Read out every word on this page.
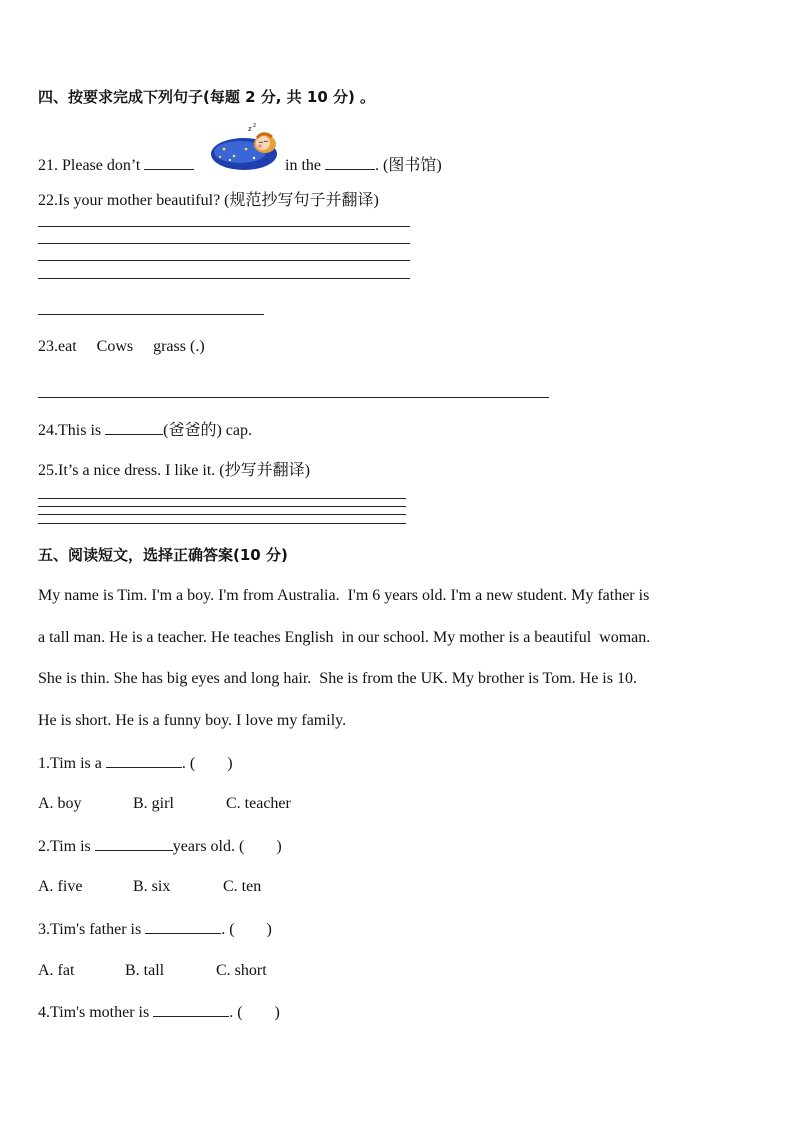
四、按要求完成下列句子(每题 2 分, 共 10 分) 。
21. Please don’t
z z
in the	. (图书馆)
22.Is your mother beautiful? (规范抄写句子并翻译)
23.eat     Cows     grass (.)
24.This is	(爸爸的) cap.
25.It’s a nice dress. I like it. (抄写并翻译)
五、阅读短文，选择正确答案(10 分)
My name is Tim. I'm a boy. I'm from Australia.  I'm 6 years old. I'm a new student. My father is
a tall man. He is a teacher. He teaches English  in our school. My mother is a beautiful  woman.
She is thin. She has big eyes and long hair.  She is from the UK. My brother is Tom. He is 10.
He is short. He is a funny boy. I love my family.
1.Tim is a	. (        )
A. boy	B. girl	C. teacher
2.Tim is	years old. (        )
A. five	B. six	C. ten
3.Tim's father is	. (        )
A. fat	B. tall	C. short
4.Tim's mother is	. (        )
